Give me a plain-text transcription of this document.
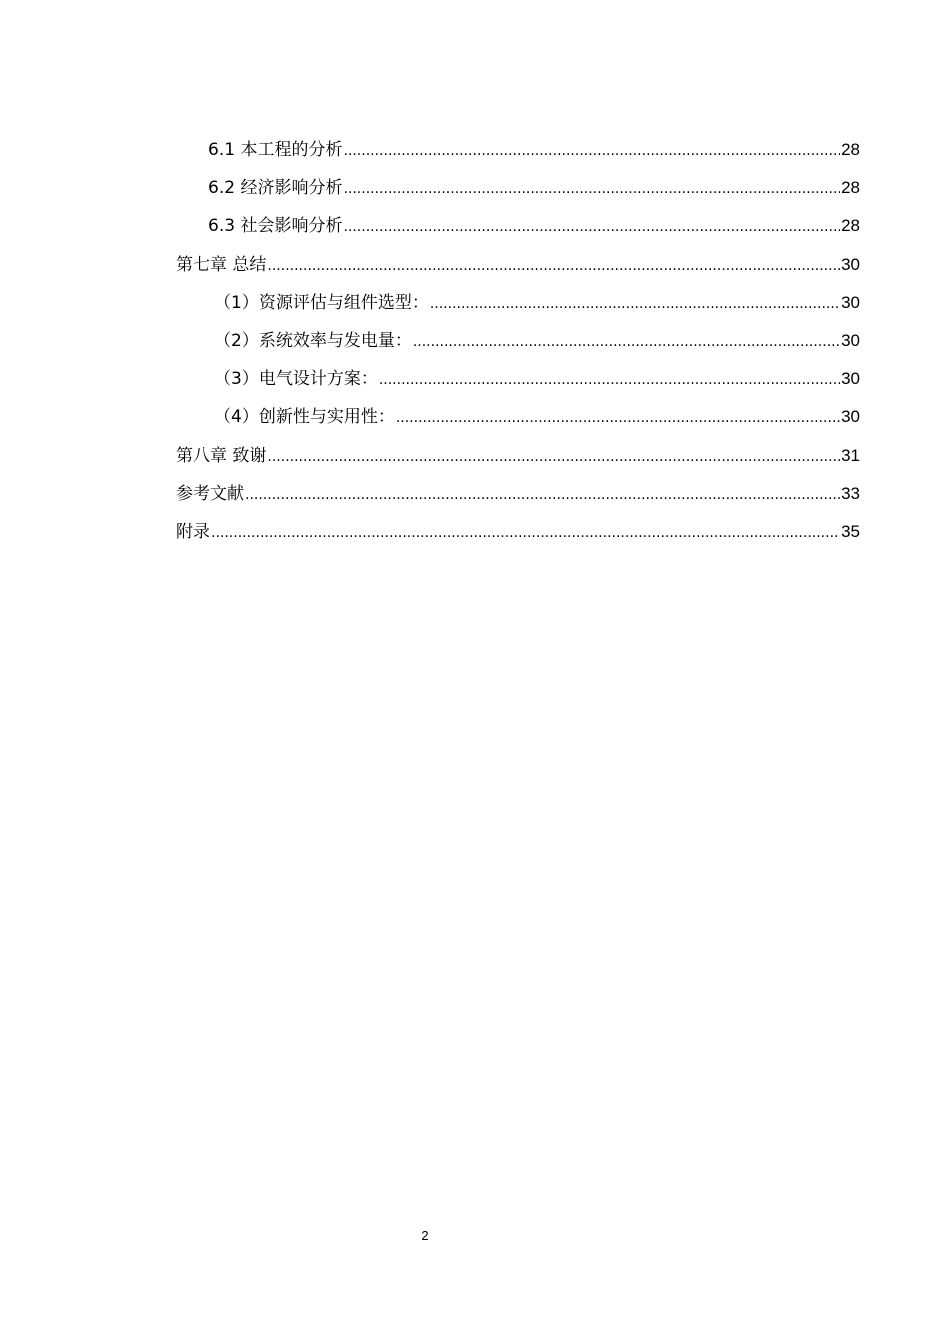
6.1 本工程的分析 .....	28
6.2 经济影响分析 .....	28
6.3 社会影响分析 .....	28
第七章 总结 .....	30
（1）资源评估与组件选型： .....	30
（2）系统效率与发电量： .....	30
（3）电气设计方案： .....	30
（4）创新性与实用性： .....	30
第八章 致谢 .....	31
参考文献 .....	33
附录 .....	35
2
